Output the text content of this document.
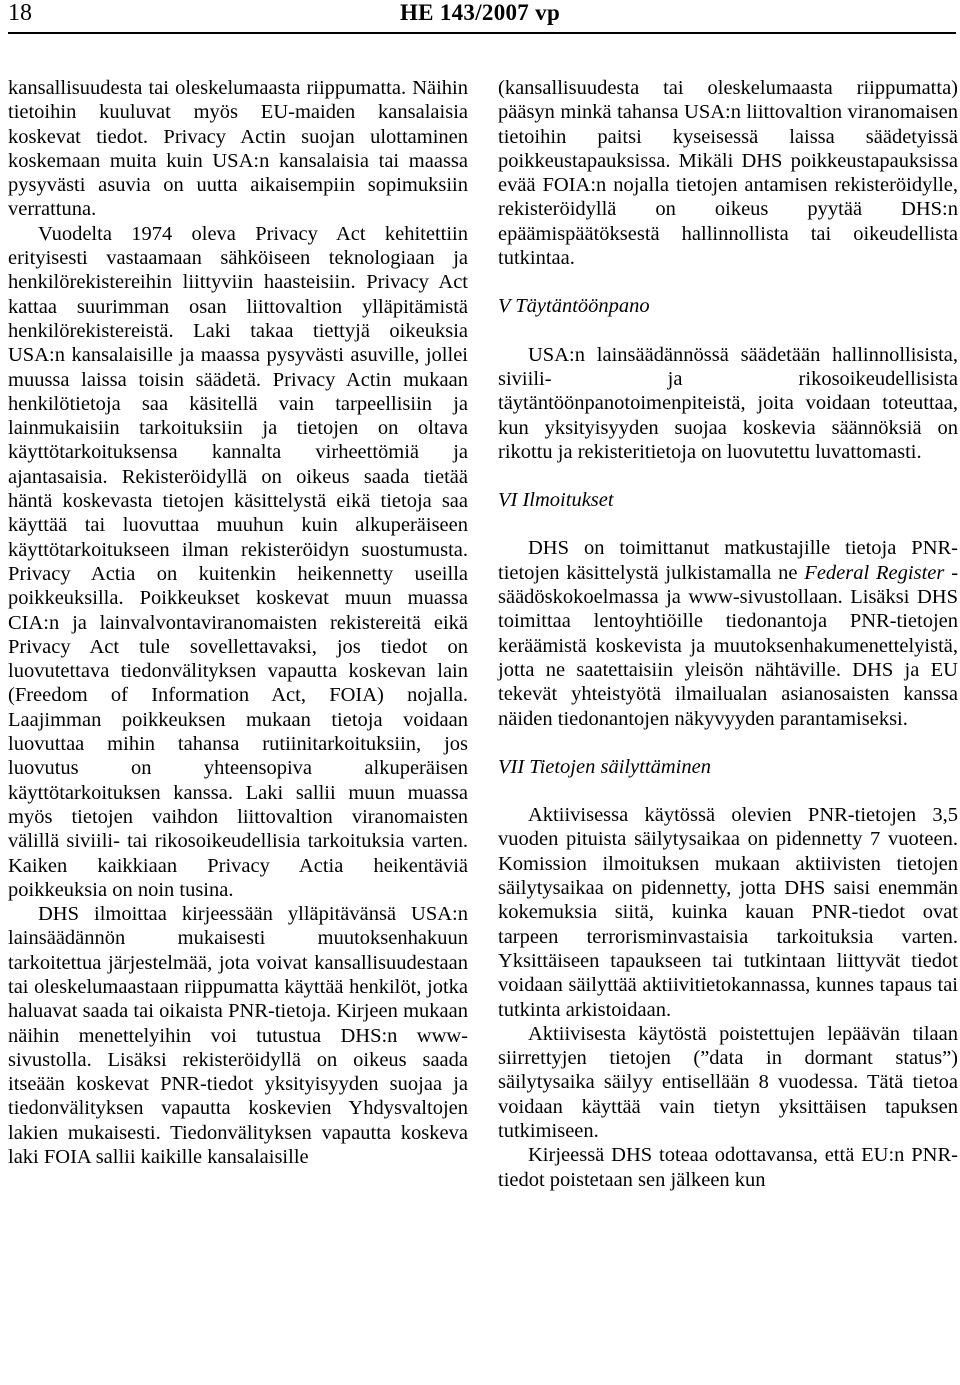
18	HE 143/2007 vp

kansallisuudesta tai oleskelumaasta riippumatta. Näihin tietoihin kuuluvat myös EU-maiden kansalaisia koskevat tiedot. Privacy Actin suojan ulottaminen koskemaan muita kuin USA:n kansalaisia tai maassa pysyvästi asuvia on uutta aikaisempiin sopimuksiin verrattuna.

Vuodelta 1974 oleva Privacy Act kehitettiin erityisesti vastaamaan sähköiseen teknologiaan ja henkilörekistereihin liittyviin haasteisiin. Privacy Act kattaa suurimman osan liittovaltion ylläpitämistä henkilörekistereistä. Laki takaa tiettyjä oikeuksia USA:n kansalaisille ja maassa pysyvästi asuville, jollei muussa laissa toisin säädetä. Privacy Actin mukaan henkilötietoja saa käsitellä vain tarpeellisiin ja lainmukaisiin tarkoituksiin ja tietojen on oltava käyttötarkoituksensa kannalta virheettömiä ja ajantasaisia. Rekisteröidyllä on oikeus saada tietää häntä koskevasta tietojen käsittelystä eikä tietoja saa käyttää tai luovuttaa muuhun kuin alkuperäiseen käyttötarkoitukseen ilman rekisteröidyn suostumusta. Privacy Actia on kuitenkin heikennetty useilla poikkeuksilla. Poikkeukset koskevat muun muassa CIA:n ja lainvalvontaviranomaisten rekistereitä eikä Privacy Act tule sovellettavaksi, jos tiedot on luovutettava tiedonvälityksen vapautta koskevan lain (Freedom of Information Act, FOIA) nojalla. Laajimman poikkeuksen mukaan tietoja voidaan luovuttaa mihin tahansa rutiinitarkoituksiin, jos luovutus on yhteensopiva alkuperäisen käyttötarkoituksen kanssa. Laki sallii muun muassa myös tietojen vaihdon liittovaltion viranomaisten välillä siviili- tai rikosoikeudellisia tarkoituksia varten. Kaiken kaikkiaan Privacy Actia heikentäviä poikkeuksia on noin tusina.

DHS ilmoittaa kirjeessään ylläpitävänsä USA:n lainsäädännön mukaisesti muutoksenhakuun tarkoitettua järjestelmää, jota voivat kansallisuudestaan tai oleskelumaastaan riippumatta käyttää henkilöt, jotka haluavat saada tai oikaista PNR-tietoja. Kirjeen mukaan näihin menettelyihin voi tutustua DHS:n www-sivustolla. Lisäksi rekisteröidyllä on oikeus saada itseään koskevat PNR-tiedot yksityisyyden suojaa ja tiedonvälityksen vapautta koskevien Yhdysvaltojen lakien mukaisesti. Tiedonvälityksen vapautta koskeva laki FOIA sallii kaikille kansalaisille

(kansallisuudesta tai oleskelumaasta riippumatta) pääsyn minkä tahansa USA:n liittovaltion viranomaisen tietoihin paitsi kyseisessä laissa säädetyissä poikkeustapauksissa. Mikäli DHS poikkeustapauksissa evää FOIA:n nojalla tietojen antamisen rekisteröidylle, rekisteröidyllä on oikeus pyytää DHS:n epäämispäätöksestä hallinnollista tai oikeudellista tutkintaa.

V Täytäntöönpano

USA:n lainsäädännössä säädetään hallinnollisista, siviili- ja rikosoikeudellisista täytäntöönpanotoimenpiteistä, joita voidaan toteuttaa, kun yksityisyyden suojaa koskevia säännöksiä on rikottu ja rekisteritietoja on luovutettu luvattomasti.

VI Ilmoitukset

DHS on toimittanut matkustajille tietoja PNR-tietojen käsittelystä julkistamalla ne Federal Register -säädöskokoelmassa ja www-sivustollaan. Lisäksi DHS toimittaa lentoyhtiöille tiedonantoja PNR-tietojen keräämistä koskevista ja muutoksenhakumenettelyistä, jotta ne saatettaisiin yleisön nähtäville. DHS ja EU tekevät yhteistyötä ilmailualan asianosaisten kanssa näiden tiedonantojen näkyvyyden parantamiseksi.

VII Tietojen säilyttäminen

Aktiivisessa käytössä olevien PNR-tietojen 3,5 vuoden pituista säilytysaikaa on pidennetty 7 vuoteen. Komission ilmoituksen mukaan aktiivisten tietojen säilytysaikaa on pidennetty, jotta DHS saisi enemmän kokemuksia siitä, kuinka kauan PNR-tiedot ovat tarpeen terrorisminvastaisia tarkoituksia varten. Yksittäiseen tapaukseen tai tutkintaan liittyvät tiedot voidaan säilyttää aktiivitietokannassa, kunnes tapaus tai tutkinta arkistoidaan.

Aktiivisesta käytöstä poistettujen lepäävän tilaan siirrettyjen tietojen (”data in dormant status”) säilytysaika säilyy entisellään 8 vuodessa. Tätä tietoa voidaan käyttää vain tietyn yksittäisen tapuksen tutkimiseen.

Kirjeessä DHS toteaa odottavansa, että EU:n PNR-tiedot poistetaan sen jälkeen kun
